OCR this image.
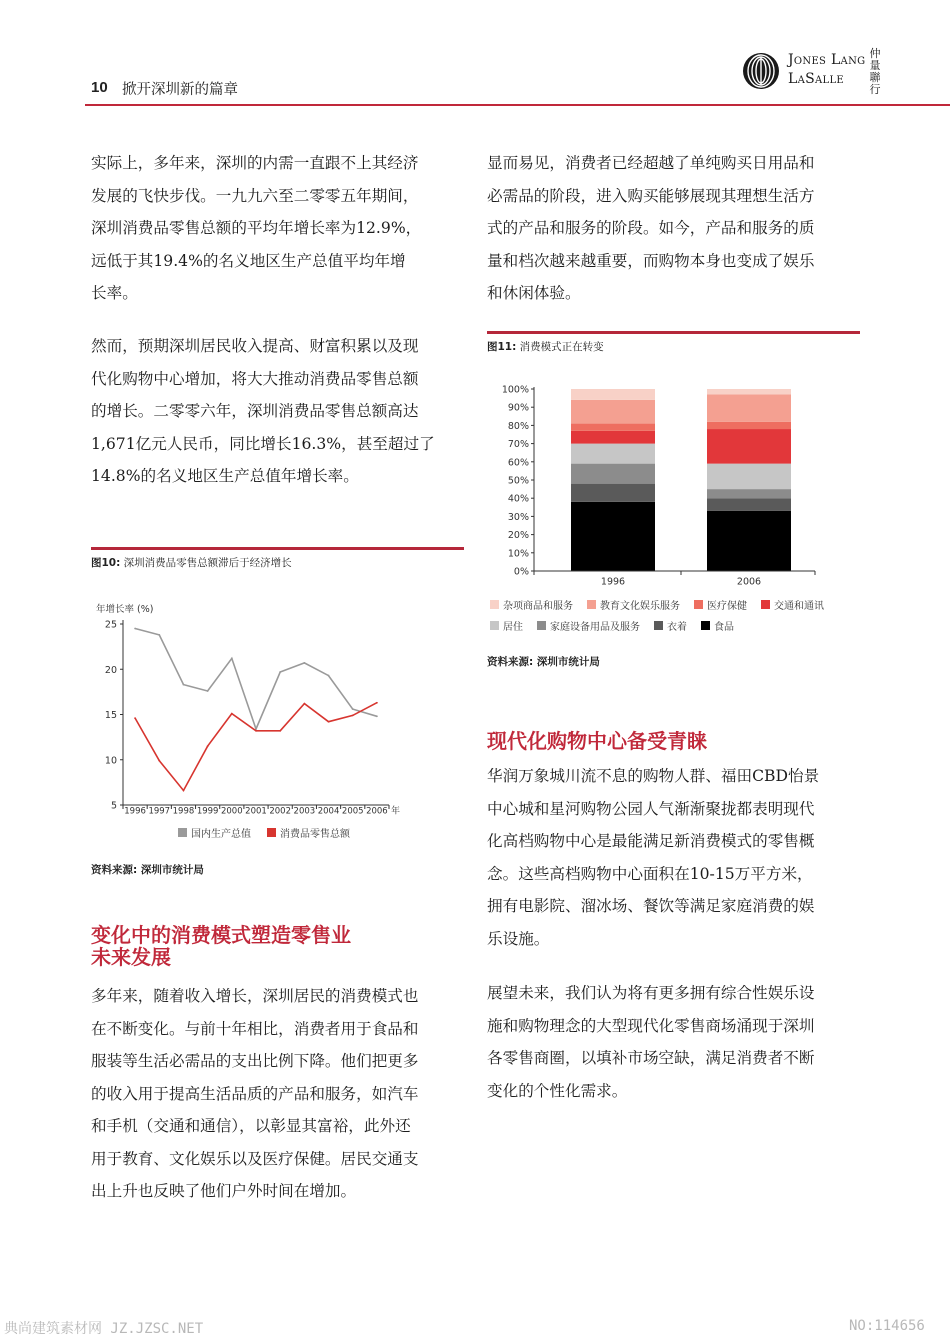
10 掀开深圳新的篇章
Jones Lang
LaSalle
仲
量
聯
行
实际上，多年来，深圳的内需一直跟不上其经济
发展的飞快步伐。一九九六至二零零五年期间，
深圳消费品零售总额的平均年增长率为12.9%，
远低于其19.4%的名义地区生产总值平均年增
长率。
然而，预期深圳居民收入提高、财富积累以及现
代化购物中心增加，将大大推动消费品零售总额
的增长。二零零六年，深圳消费品零售总额高达
1,671亿元人民币，同比增长16.3%，甚至超过了
14.8%的名义地区生产总值年增长率。
图10: 深圳消费品零售总额滞后于经济增长
年增长率 (%)
25
20
15
10
5
1996 1997 1998 1999 2000 2001 2002 2003 2004 2005 2006 年
国内生产总值	消费品零售总额
资料来源: 深圳市统计局
变化中的消费模式塑造零售业
未来发展
多年来，随着收入增长，深圳居民的消费模式也
在不断变化。与前十年相比，消费者用于食品和
服装等生活必需品的支出比例下降。他们把更多
的收入用于提高生活品质的产品和服务，如汽车
和手机（交通和通信），以彰显其富裕，此外还
用于教育、文化娱乐以及医疗保健。居民交通支
出上升也反映了他们户外时间在增加。
显而易见，消费者已经超越了单纯购买日用品和
必需品的阶段，进入购买能够展现其理想生活方
式的产品和服务的阶段。如今，产品和服务的质
量和档次越来越重要，而购物本身也变成了娱乐
和休闲体验。
图11: 消费模式正在转变
100%
90%
80%
70%
60%
50%
40%
30%
20%
10%
0%
1996	2006
杂项商品和服务	教育文化娱乐服务	医疗保健	交通和通讯
居住	家庭设备用品及服务	衣着	食品
资料来源: 深圳市统计局
现代化购物中心备受青睐
华润万象城川流不息的购物人群、福田CBD怡景
中心城和星河购物公园人气渐渐聚拢都表明现代
化高档购物中心是最能满足新消费模式的零售概
念。这些高档购物中心面积在10-15万平方米，
拥有电影院、溜冰场、餐饮等满足家庭消费的娱
乐设施。
展望未来，我们认为将有更多拥有综合性娱乐设
施和购物理念的大型现代化零售商场涌现于深圳
各零售商圈，以填补市场空缺，满足消费者不断
变化的个性化需求。
典尚建筑素材网 JZ.JZSC.NET	NO:114656
